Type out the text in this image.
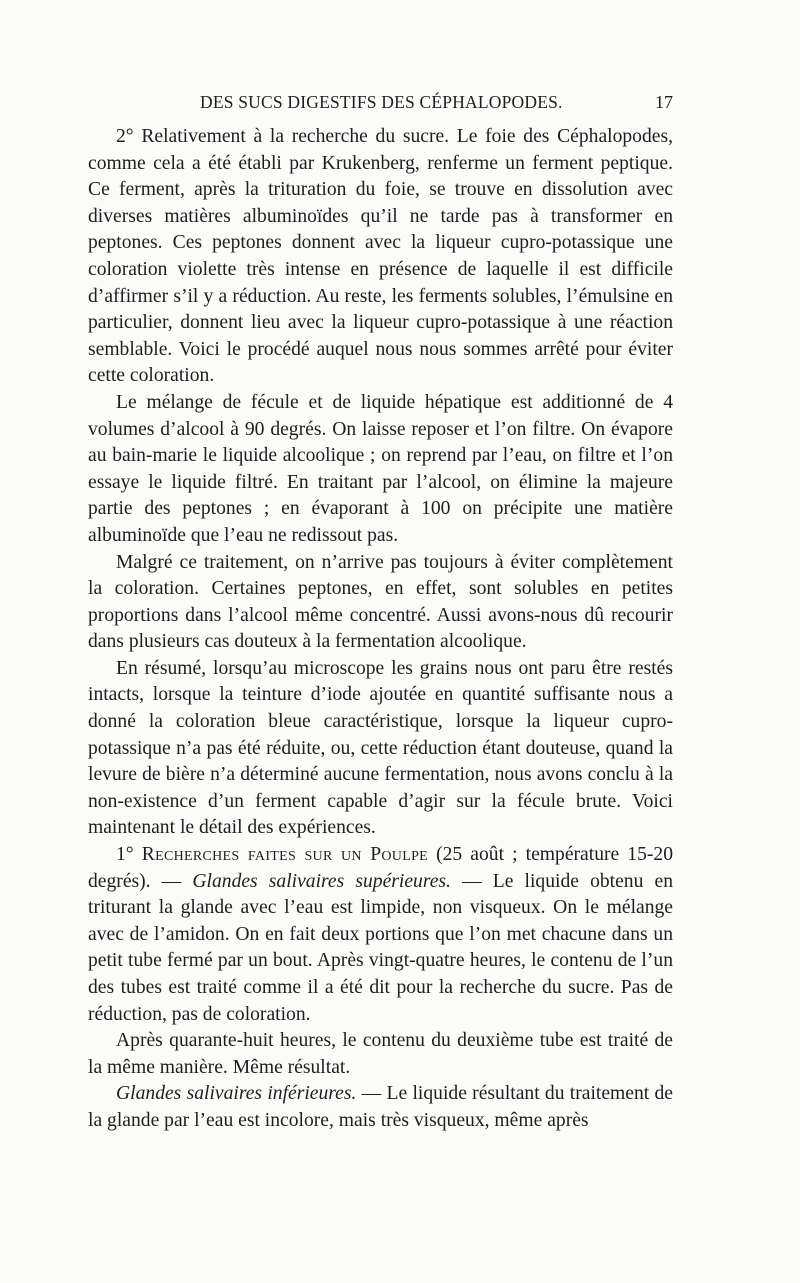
DES SUCS DIGESTIFS DES CÉPHALOPODES.	17

2° Relativement à la recherche du sucre. Le foie des Céphalopodes, comme cela a été établi par Krukenberg, renferme un ferment peptique. Ce ferment, après la trituration du foie, se trouve en dissolution avec diverses matières albuminoïdes qu’il ne tarde pas à transformer en peptones. Ces peptones donnent avec la liqueur cupro-potassique une coloration violette très intense en présence de laquelle il est difficile d’affirmer s’il y a réduction. Au reste, les ferments solubles, l’émulsine en particulier, donnent lieu avec la liqueur cupro-potassique à une réaction semblable. Voici le procédé auquel nous nous sommes arrêté pour éviter cette coloration.

Le mélange de fécule et de liquide hépatique est additionné de 4 volumes d’alcool à 90 degrés. On laisse reposer et l’on filtre. On évapore au bain-marie le liquide alcoolique ; on reprend par l’eau, on filtre et l’on essaye le liquide filtré. En traitant par l’alcool, on élimine la majeure partie des peptones ; en évaporant à 100 on précipite une matière albuminoïde que l’eau ne redissout pas.

Malgré ce traitement, on n’arrive pas toujours à éviter complètement la coloration. Certaines peptones, en effet, sont solubles en petites proportions dans l’alcool même concentré. Aussi avons-nous dû recourir dans plusieurs cas douteux à la fermentation alcoolique.

En résumé, lorsqu’au microscope les grains nous ont paru être restés intacts, lorsque la teinture d’iode ajoutée en quantité suffisante nous a donné la coloration bleue caractéristique, lorsque la liqueur cupro-potassique n’a pas été réduite, ou, cette réduction étant douteuse, quand la levure de bière n’a déterminé aucune fermentation, nous avons conclu à la non-existence d’un ferment capable d’agir sur la fécule brute. Voici maintenant le détail des expériences.

1° Recherches faites sur un Poulpe (25 août ; température 15-20 degrés). — Glandes salivaires supérieures. — Le liquide obtenu en triturant la glande avec l’eau est limpide, non visqueux. On le mélange avec de l’amidon. On en fait deux portions que l’on met chacune dans un petit tube fermé par un bout. Après vingt-quatre heures, le contenu de l’un des tubes est traité comme il a été dit pour la recherche du sucre. Pas de réduction, pas de coloration.

Après quarante-huit heures, le contenu du deuxième tube est traité de la même manière. Même résultat.

Glandes salivaires inférieures. — Le liquide résultant du traitement de la glande par l’eau est incolore, mais très visqueux, même après
